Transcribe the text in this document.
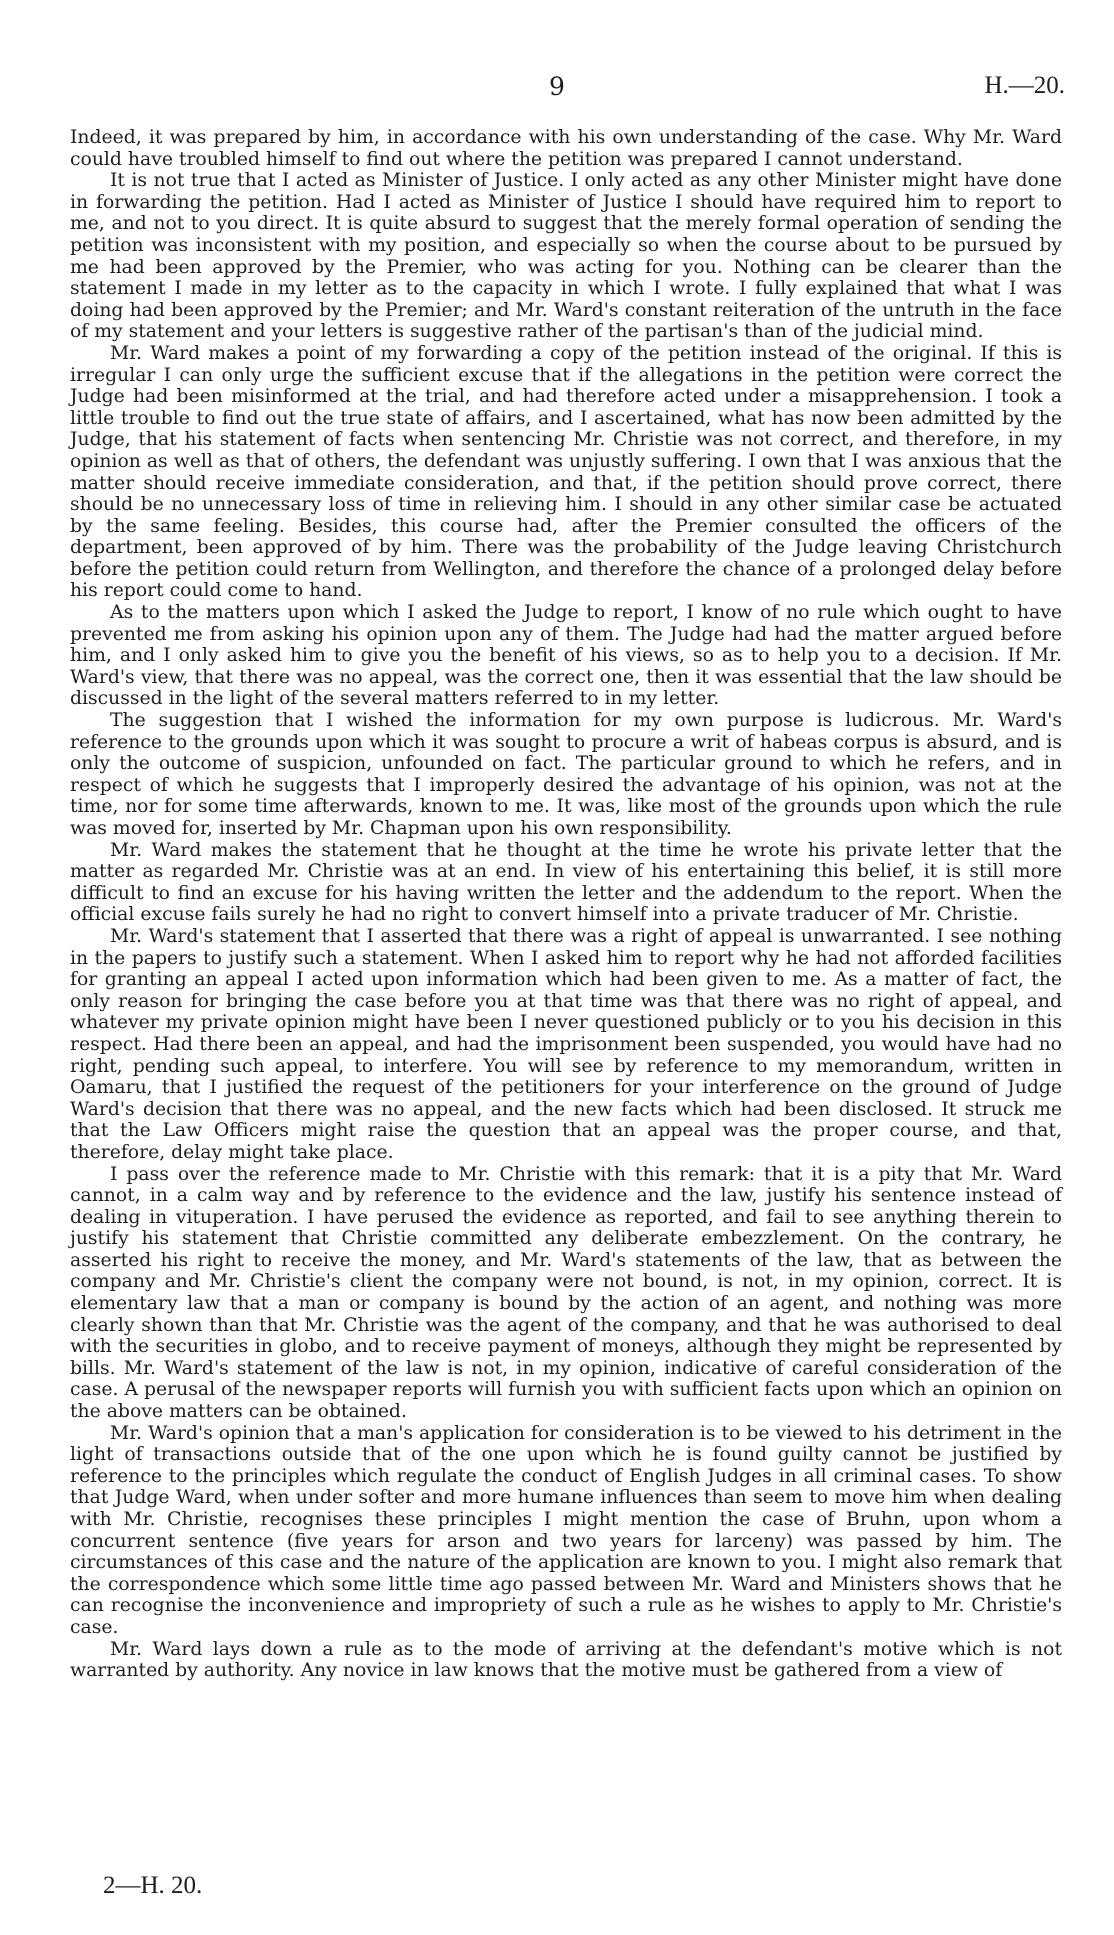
9	H.—20.

Indeed, it was prepared by him, in accordance with his own understanding of the case. Why Mr. Ward could have troubled himself to find out where the petition was prepared I cannot understand.

It is not true that I acted as Minister of Justice. I only acted as any other Minister might have done in forwarding the petition. Had I acted as Minister of Justice I should have required him to report to me, and not to you direct. It is quite absurd to suggest that the merely formal operation of sending the petition was inconsistent with my position, and especially so when the course about to be pursued by me had been approved by the Premier, who was acting for you. Nothing can be clearer than the statement I made in my letter as to the capacity in which I wrote. I fully explained that what I was doing had been approved by the Premier; and Mr. Ward's constant reiteration of the untruth in the face of my statement and your letters is suggestive rather of the partisan's than of the judicial mind.

Mr. Ward makes a point of my forwarding a copy of the petition instead of the original. If this is irregular I can only urge the sufficient excuse that if the allegations in the petition were correct the Judge had been misinformed at the trial, and had therefore acted under a misapprehension. I took a little trouble to find out the true state of affairs, and I ascertained, what has now been admitted by the Judge, that his statement of facts when sentencing Mr. Christie was not correct, and therefore, in my opinion as well as that of others, the defendant was unjustly suffering. I own that I was anxious that the matter should receive immediate consideration, and that, if the petition should prove correct, there should be no unnecessary loss of time in relieving him. I should in any other similar case be actuated by the same feeling. Besides, this course had, after the Premier consulted the officers of the department, been approved of by him. There was the probability of the Judge leaving Christchurch before the petition could return from Wellington, and therefore the chance of a prolonged delay before his report could come to hand.

As to the matters upon which I asked the Judge to report, I know of no rule which ought to have prevented me from asking his opinion upon any of them. The Judge had had the matter argued before him, and I only asked him to give you the benefit of his views, so as to help you to a decision. If Mr. Ward's view, that there was no appeal, was the correct one, then it was essential that the law should be discussed in the light of the several matters referred to in my letter.

The suggestion that I wished the information for my own purpose is ludicrous. Mr. Ward's reference to the grounds upon which it was sought to procure a writ of habeas corpus is absurd, and is only the outcome of suspicion, unfounded on fact. The particular ground to which he refers, and in respect of which he suggests that I improperly desired the advantage of his opinion, was not at the time, nor for some time afterwards, known to me. It was, like most of the grounds upon which the rule was moved for, inserted by Mr. Chapman upon his own responsibility.

Mr. Ward makes the statement that he thought at the time he wrote his private letter that the matter as regarded Mr. Christie was at an end. In view of his entertaining this belief, it is still more difficult to find an excuse for his having written the letter and the addendum to the report. When the official excuse fails surely he had no right to convert himself into a private traducer of Mr. Christie.

Mr. Ward's statement that I asserted that there was a right of appeal is unwarranted. I see nothing in the papers to justify such a statement. When I asked him to report why he had not afforded facilities for granting an appeal I acted upon information which had been given to me. As a matter of fact, the only reason for bringing the case before you at that time was that there was no right of appeal, and whatever my private opinion might have been I never questioned publicly or to you his decision in this respect. Had there been an appeal, and had the imprisonment been suspended, you would have had no right, pending such appeal, to interfere. You will see by reference to my memorandum, written in Oamaru, that I justified the request of the petitioners for your interference on the ground of Judge Ward's decision that there was no appeal, and the new facts which had been disclosed. It struck me that the Law Officers might raise the question that an appeal was the proper course, and that, therefore, delay might take place.

I pass over the reference made to Mr. Christie with this remark: that it is a pity that Mr. Ward cannot, in a calm way and by reference to the evidence and the law, justify his sentence instead of dealing in vituperation. I have perused the evidence as reported, and fail to see anything therein to justify his statement that Christie committed any deliberate embezzlement. On the contrary, he asserted his right to receive the money, and Mr. Ward's statements of the law, that as between the company and Mr. Christie's client the company were not bound, is not, in my opinion, correct. It is elementary law that a man or company is bound by the action of an agent, and nothing was more clearly shown than that Mr. Christie was the agent of the company, and that he was authorised to deal with the securities in globo, and to receive payment of moneys, although they might be represented by bills. Mr. Ward's statement of the law is not, in my opinion, indicative of careful consideration of the case. A perusal of the newspaper reports will furnish you with sufficient facts upon which an opinion on the above matters can be obtained.

Mr. Ward's opinion that a man's application for consideration is to be viewed to his detriment in the light of transactions outside that of the one upon which he is found guilty cannot be justified by reference to the principles which regulate the conduct of English Judges in all criminal cases. To show that Judge Ward, when under softer and more humane influences than seem to move him when dealing with Mr. Christie, recognises these principles I might mention the case of Bruhn, upon whom a concurrent sentence (five years for arson and two years for larceny) was passed by him. The circumstances of this case and the nature of the application are known to you. I might also remark that the correspondence which some little time ago passed between Mr. Ward and Ministers shows that he can recognise the inconvenience and impropriety of such a rule as he wishes to apply to Mr. Christie's case.

Mr. Ward lays down a rule as to the mode of arriving at the defendant's motive which is not warranted by authority. Any novice in law knows that the motive must be gathered from a view of

2—H. 20.
